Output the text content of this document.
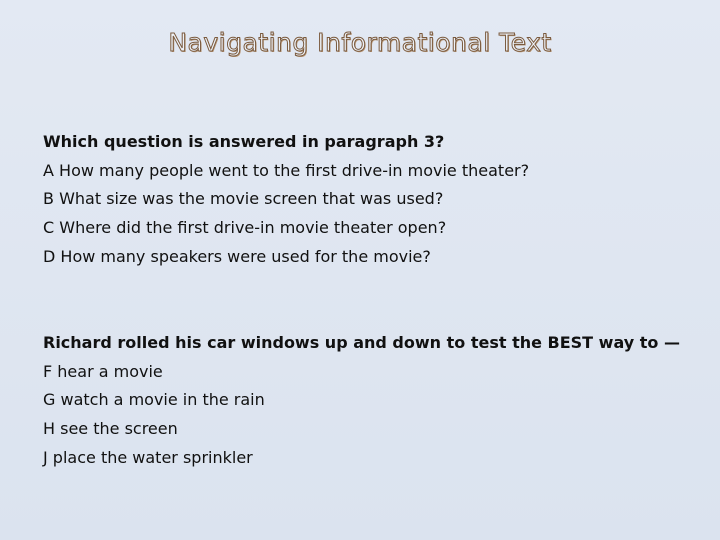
Navigating Informational Text
Which question is answered in paragraph 3?
A How many people went to the first drive-in movie theater?
B What size was the movie screen that was used?
C Where did the first drive-in movie theater open?
D How many speakers were used for the movie?
Richard rolled his car windows up and down to test the BEST way to —
F hear a movie
G watch a movie in the rain
H see the screen
J place the water sprinkler
